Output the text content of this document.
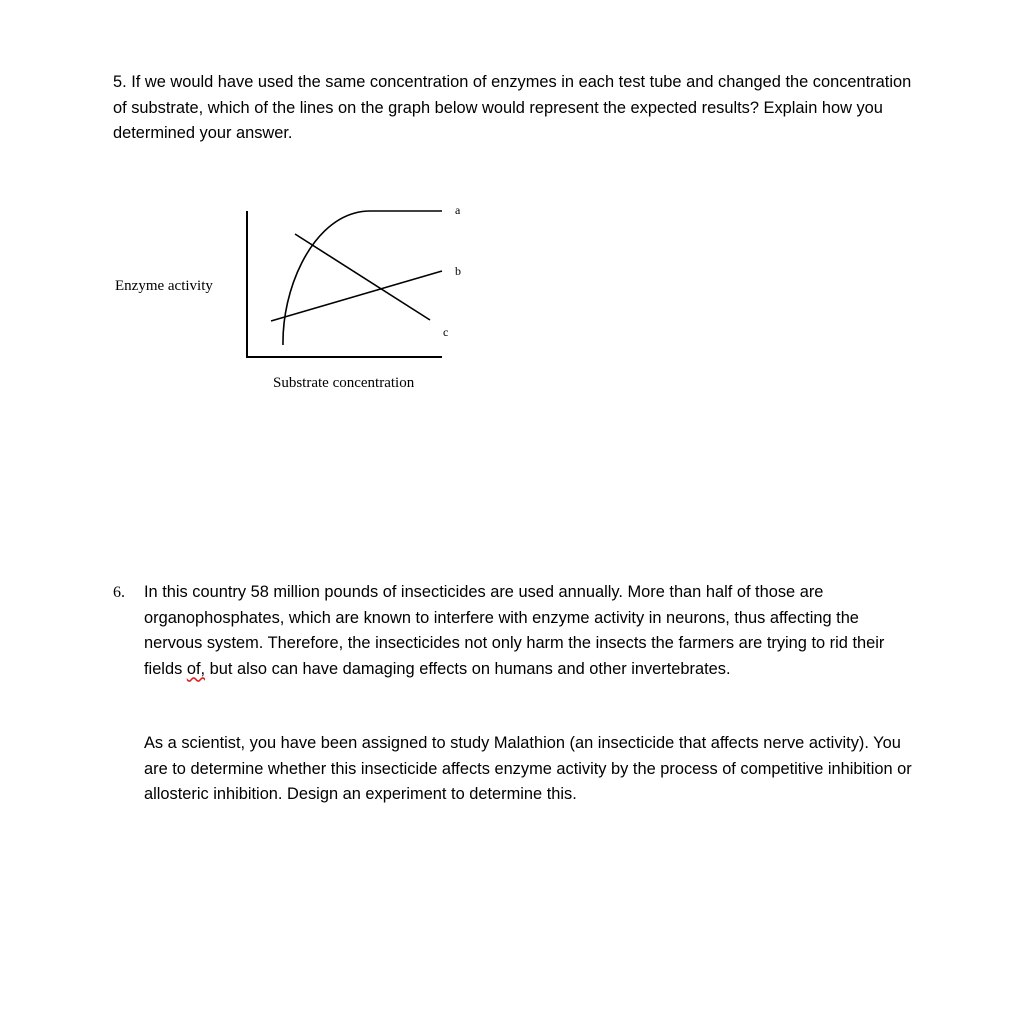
5. If we would have used the same concentration of enzymes in each test tube and changed the concentration of substrate, which of the lines on the graph below would represent the expected results? Explain how you determined your answer.
Enzyme activity
Substrate concentration
a
b
c
6. In this country 58 million pounds of insecticides are used annually. More than half of those are organophosphates, which are known to interfere with enzyme activity in neurons, thus affecting the nervous system. Therefore, the insecticides not only harm the insects the farmers are trying to rid their fields of, but also can have damaging effects on humans and other invertebrates.
As a scientist, you have been assigned to study Malathion (an insecticide that affects nerve activity). You are to determine whether this insecticide affects enzyme activity by the process of competitive inhibition or allosteric inhibition. Design an experiment to determine this.
